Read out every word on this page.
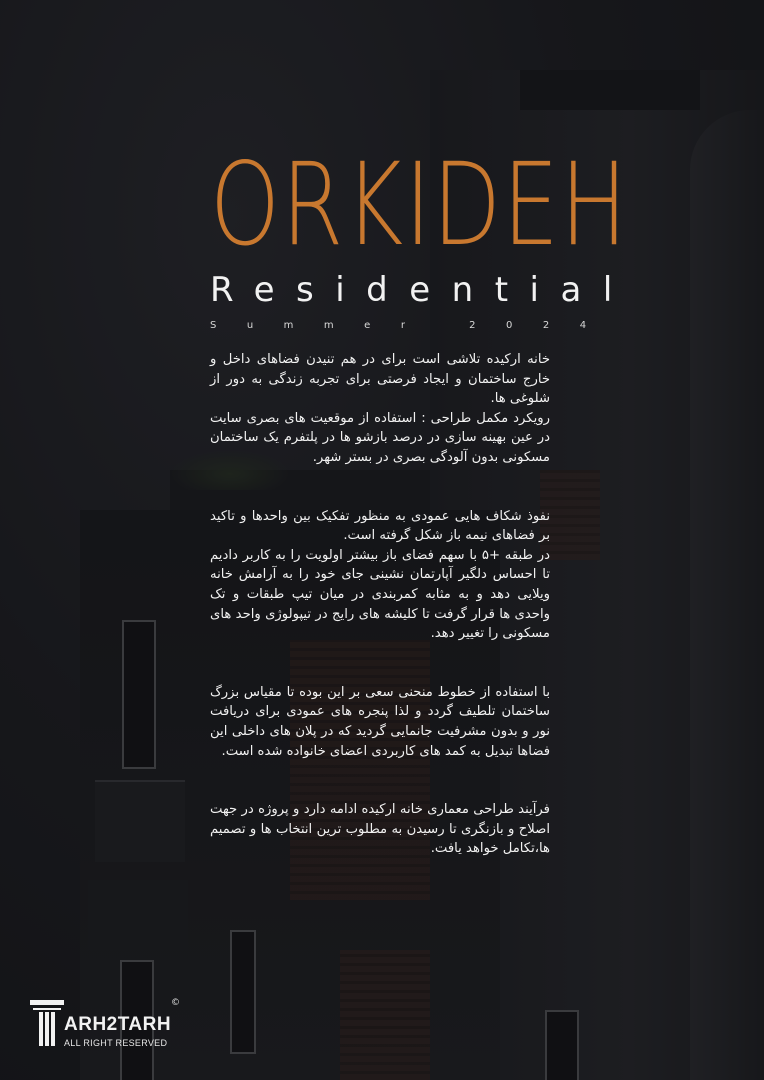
ORKIDEH
Residential
Summer 2024

خانه ارکیده تلاشی است برای در هم تنیدن فضاهای داخل و خارج ساختمان و ایجاد فرصتی برای تجربه زندگی به دور از شلوغی ها.

رویکرد مکمل طراحی : استفاده از موقعیت های بصری سایت در عین بهینه سازی در درصد بازشو ها در پلتفرم یک ساختمان مسکونی بدون آلودگی بصری در بستر شهر.

نفوذ شکاف هایی عمودی به منظور تفکیک بین واحدها و تاکید بر فضاهای نیمه باز شکل گرفته است.

در طبقه +۵ با سهم فضای باز بیشتر اولویت را به کاربر دادیم تا احساس دلگیر آپارتمان نشینی جای خود را به آرامش خانه ویلایی دهد و به مثابه کمربندی در میان تیپ طبقات و تک واحدی ها قرار گرفت تا کلیشه های رایج در تیپولوژی واحد های مسکونی را تغییر دهد.

با استفاده از خطوط منحنی سعی بر این بوده تا مقیاس بزرگ ساختمان تلطیف گردد و لذا پنجره های عمودی برای دریافت نور و بدون مشرفیت جانمایی گردید که در پلان های داخلی این فضاها تبدیل به کمد های کاربردی اعضای خانواده شده است.

فرآیند طراحی معماری خانه ارکیده ادامه دارد و پروژه در جهت اصلاح و بازنگری تا رسیدن به مطلوب ترین انتخاب ها و تصمیم ها،تکامل خواهد یافت.

ARH2TARH
©
ALL RIGHT RESERVED
